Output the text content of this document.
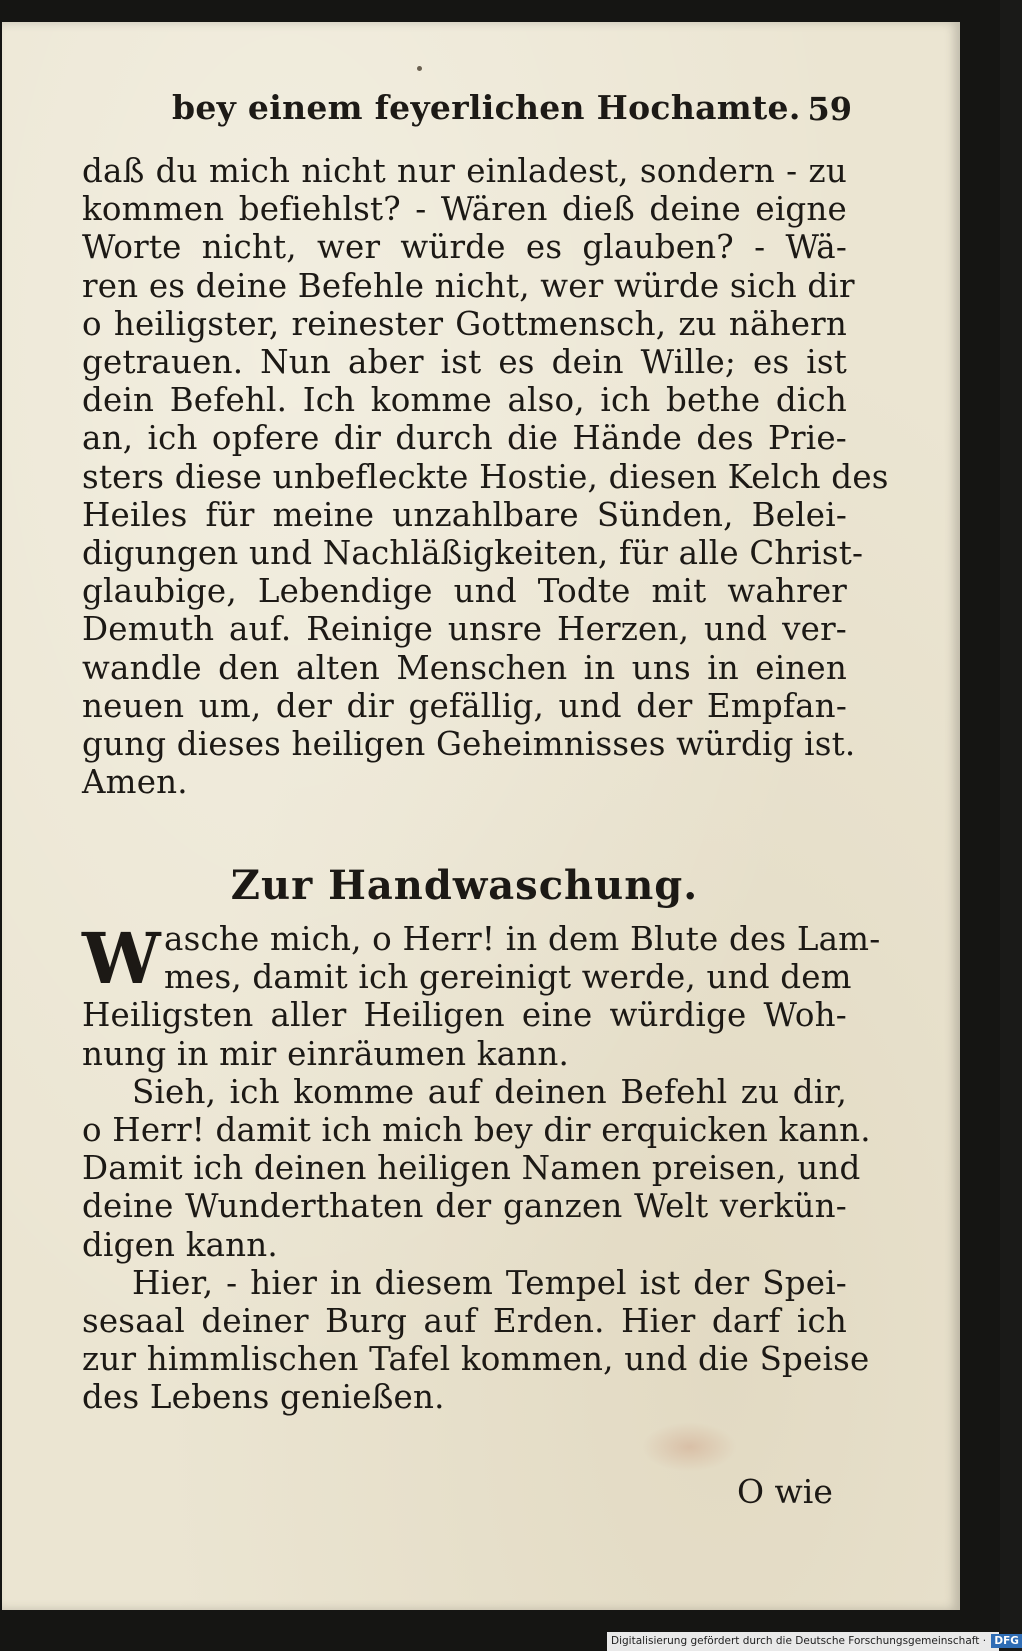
bey einem feyerlichen Hochamte. 59
daß du mich nicht nur einladest, sondern - zu
kommen befiehlst? - Wären dieß deine eigne
Worte nicht, wer würde es glauben? - Wä-
ren es deine Befehle nicht, wer würde sich dir
o heiligster, reinester Gottmensch, zu nähern
getrauen. Nun aber ist es dein Wille; es ist
dein Befehl. Ich komme also, ich bethe dich
an, ich opfere dir durch die Hände des Prie-
sters diese unbefleckte Hostie, diesen Kelch des
Heiles für meine unzahlbare Sünden, Belei-
digungen und Nachläßigkeiten, für alle Christ-
glaubige, Lebendige und Todte mit wahrer
Demuth auf. Reinige unsre Herzen, und ver-
wandle den alten Menschen in uns in einen
neuen um, der dir gefällig, und der Empfan-
gung dieses heiligen Geheimnisses würdig ist.
Amen.
Zur Handwaschung.
W asche mich, o Herr! in dem Blute des Lam-
mes, damit ich gereinigt werde, und dem
Heiligsten aller Heiligen eine würdige Woh-
nung in mir einräumen kann.
Sieh, ich komme auf deinen Befehl zu dir,
o Herr! damit ich mich bey dir erquicken kann.
Damit ich deinen heiligen Namen preisen, und
deine Wunderthaten der ganzen Welt verkün-
digen kann.
Hier, - hier in diesem Tempel ist der Spei-
sesaal deiner Burg auf Erden. Hier darf ich
zur himmlischen Tafel kommen, und die Speise
des Lebens genießen.
O wie
Digitalisierung gefördert durch die Deutsche Forschungsgemeinschaft · DFG
